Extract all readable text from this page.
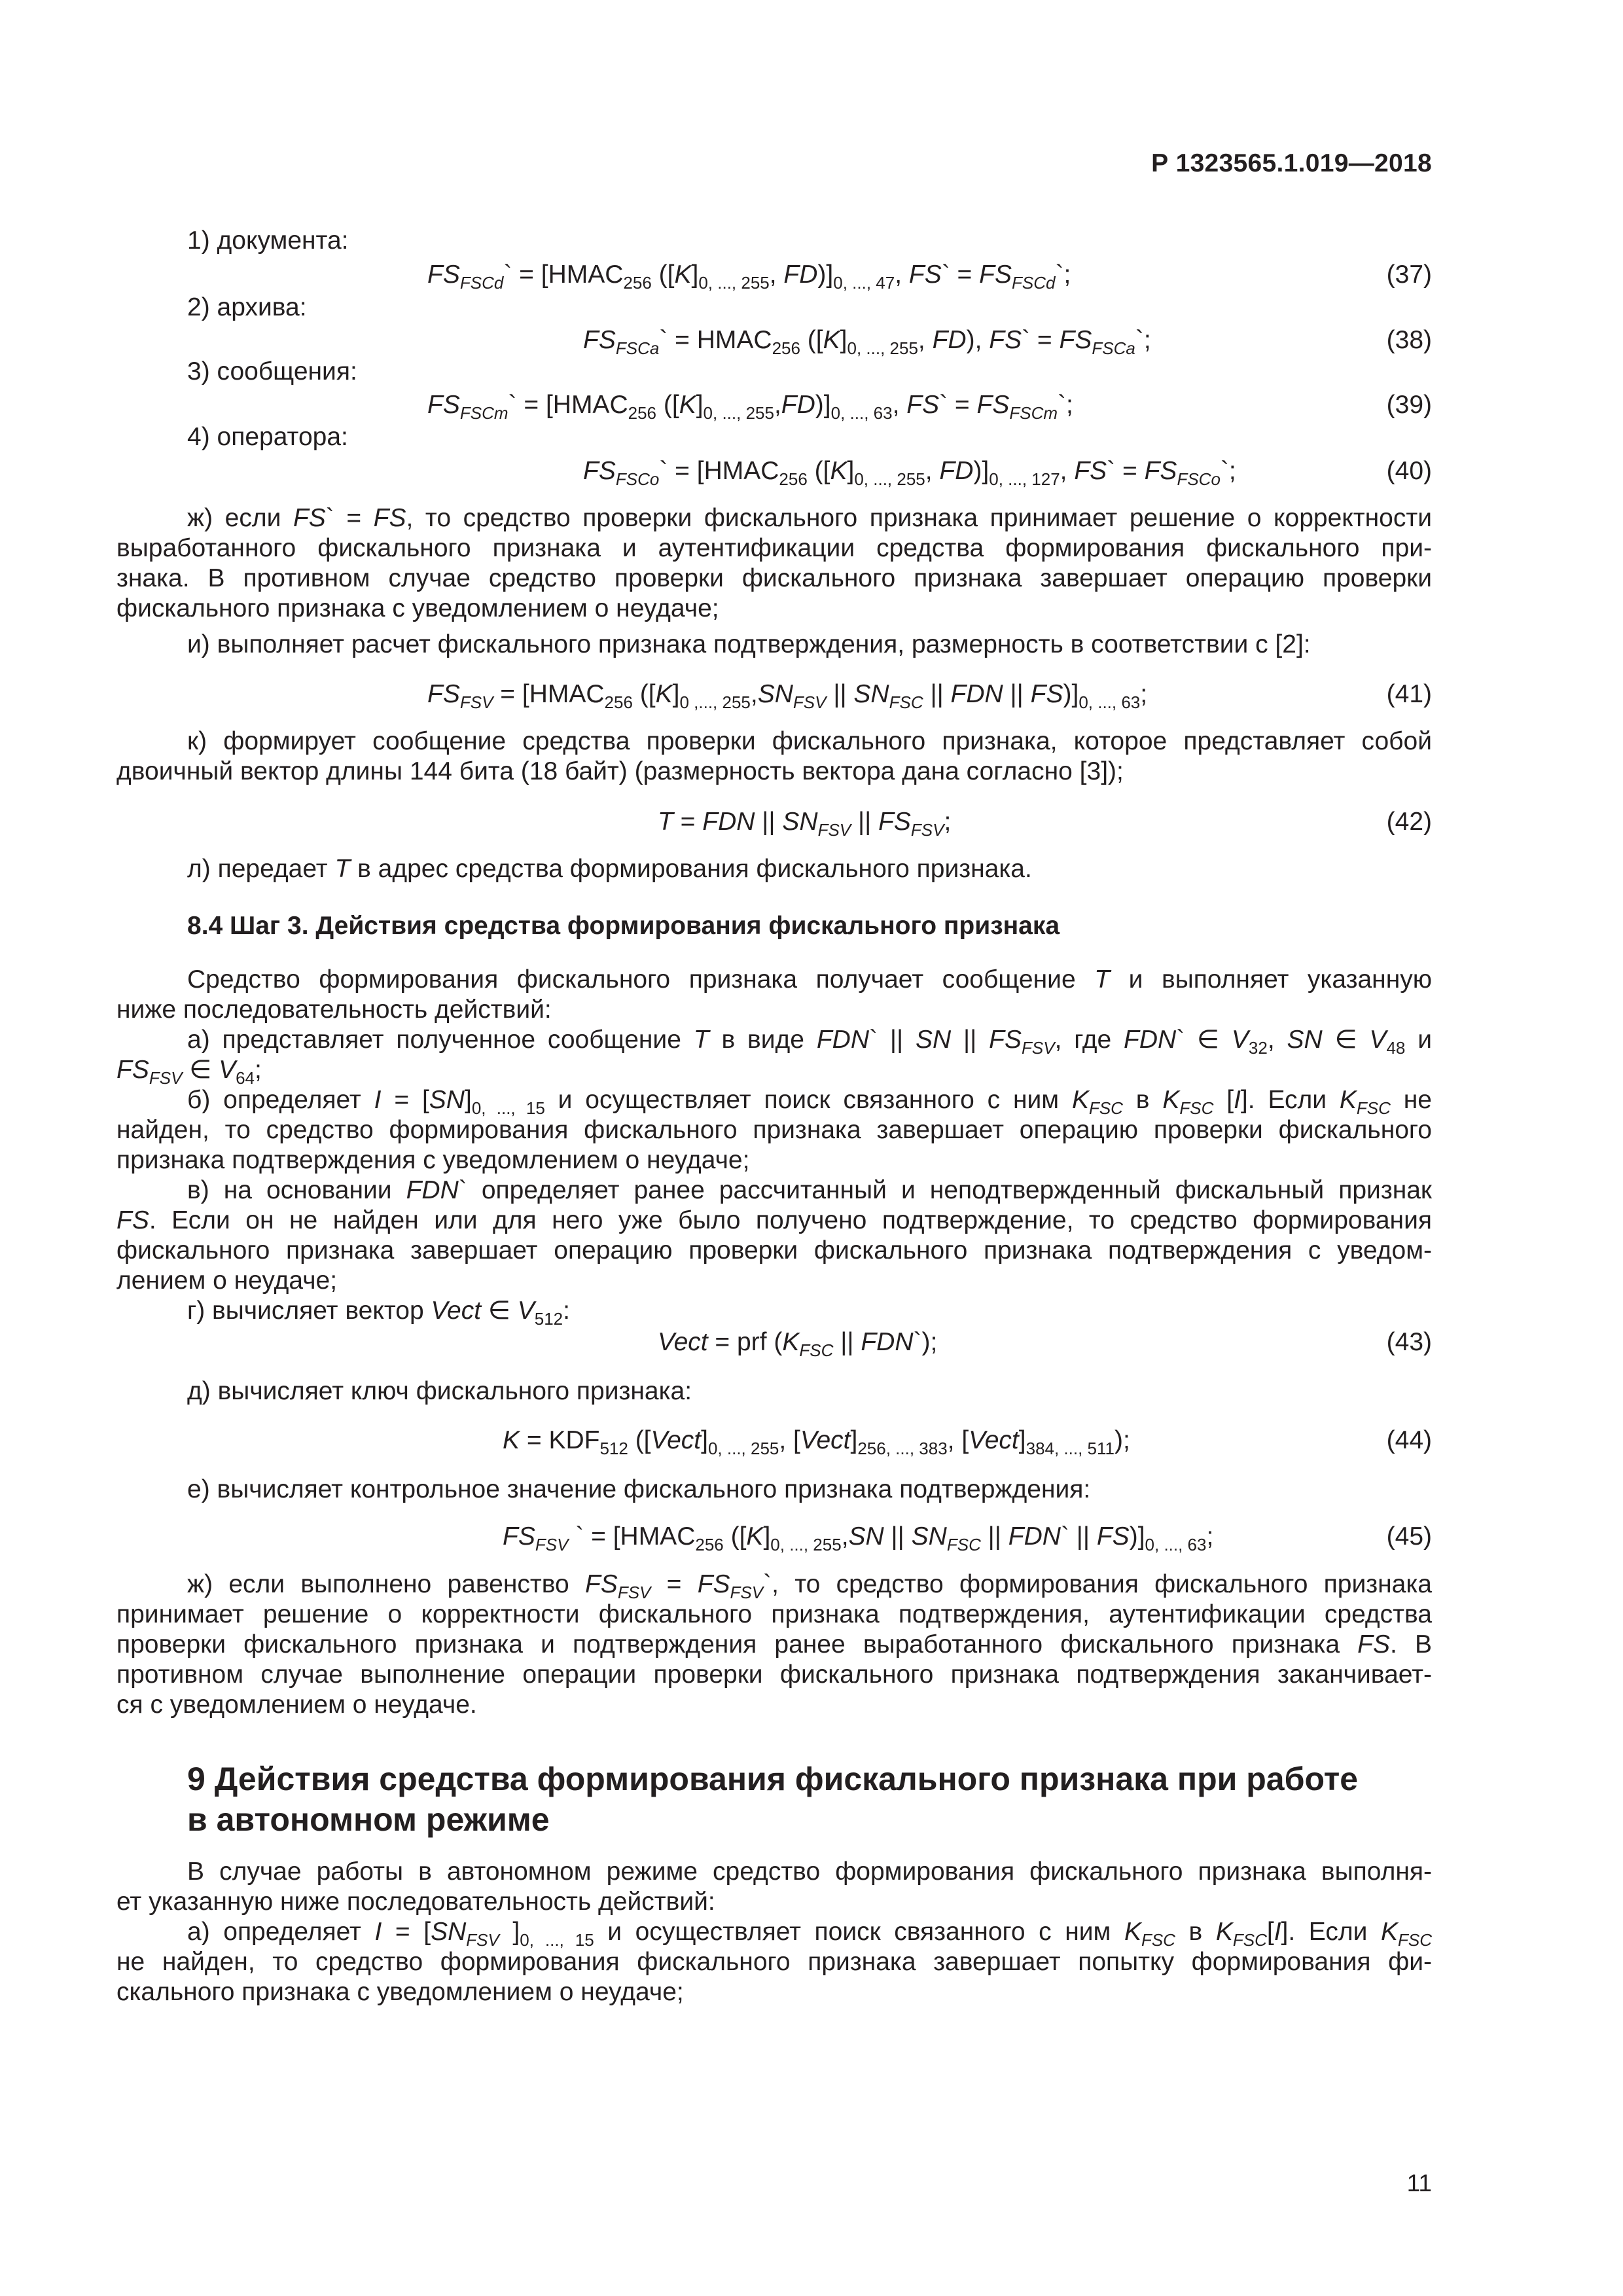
Р 1323565.1.019—2018
1) документа:
2) архива:
3) сообщения:
4) оператора:
$FS_{FSCd}`$ = [$HMAC_{256}$ ($[K]_{0, ..., 255}$, $FD)]_{0, ..., 47}$, FS` = $FS_{FSCd}`$;	(37)
$FS_{FSCa}`$ = $HMAC_{256}$ ($[K]_{0, ..., 255}$, FD), FS` = $FS_{FSCa}`$;	(38)
$FS_{FSCm}`$ = [$HMAC_{256}$ $([K]_{0, ..., 255},FD)]_{0, ..., 63}$, FS` = $FS_{FSCm}`$;	(39)
$FS_{FSCo}`$ = [$HMAC_{256}$ ($[K]_{0, ..., 255}$, $FD)]_{0, ..., 127}$, FS` = $FS_{FSCo}`$;	(40)
ж) если FS` = FS, то средство проверки фискального признака принимает решение о корректности
выработанного фискального признака и аутентификации средства формирования фискального при-
знака. В противном случае средство проверки фискального признака завершает операцию проверки
фискального признака с уведомлением о неудаче;
и) выполняет расчет фискального признака подтверждения, размерность в соответствии с [2]:
$FS_{FSV}$ = [$HMAC_{256}$ ($[K]_{0 ,..., 255},SN_{FSV}$ || $SN_{FSC}$ || FDN || $FS)]_{0, ..., 63}$;	(41)
к) формирует сообщение средства проверки фискального признака, которое представляет собой
двоичный вектор длины 144 бита (18 байт) (размерность вектора дана согласно [3]);
T = FDN || $SN_{FSV}$ || $FS_{FSV}$;	(42)
л) передает T в адрес средства формирования фискального признака.
8.4 Шаг 3. Действия средства формирования фискального признака
Средство формирования фискального признака получает сообщение T и выполняет указанную
ниже последовательность действий:
а) представляет полученное сообщение T в виде FDN` || SN || $FS_{FSV}$, где FDN` ∈ $V_{32}$, SN ∈ $V_{48}$ и
$FS_{FSV}$ ∈ $V_{64}$;
б) определяет $I = [SN]_{0, ..., 15}$ и осуществляет поиск связанного с ним $K_{FSC}$ в $K_{FSC}$ [I]. Если $K_{FSC}$ не
найден, то средство формирования фискального признака завершает операцию проверки фискального
признака подтверждения с уведомлением о неудаче;
в) на основании FDN` определяет ранее рассчитанный и неподтвержденный фискальный признак
FS. Если он не найден или для него уже было получено подтверждение, то средство формирования
фискального признака завершает операцию проверки фискального признака подтверждения с уведом-
лением о неудаче;
г) вычисляет вектор Vect ∈ $V_{512}$:
Vect = prf ($K_{FSC}$ || FDN`);	(43)
д) вычисляет ключ фискального признака:
$K = KDF_{512}$ ($[Vect]_{0, ..., 255}$, $[Vect]_{256, ..., 383}$, $[Vect]_{384, ..., 511}$);	(44)
е) вычисляет контрольное значение фискального признака подтверждения:
$FS_{FSV}$ ` = [$HMAC_{256}$ ($[K]_{0, ..., 255},SN$ || $SN_{FSC}$ || FDN` || $FS)]_{0, ..., 63}$;	(45)
ж) если выполнено равенство $FS_{FSV}$ = $FS_{FSV}`$, то средство формирования фискального признака
принимает решение о корректности фискального признака подтверждения, аутентификации средства
проверки фискального признака и подтверждения ранее выработанного фискального признака FS. В
противном случае выполнение операции проверки фискального признака подтверждения заканчивает-
ся с уведомлением о неудаче.
9 Действия средства формирования фискального признака при работе
в автономном режиме
В случае работы в автономном режиме средство формирования фискального признака выполня-
ет указанную ниже последовательность действий:
а) определяет $I = [SN_{FSV}$ ]$_{0, ..., 15}$ и осуществляет поиск связанного с ним $K_{FSC}$ в $K_{FSC}[I]$. Если $K_{FSC}$
не найден, то средство формирования фискального признака завершает попытку формирования фи-
скального признака с уведомлением о неудаче;
11
